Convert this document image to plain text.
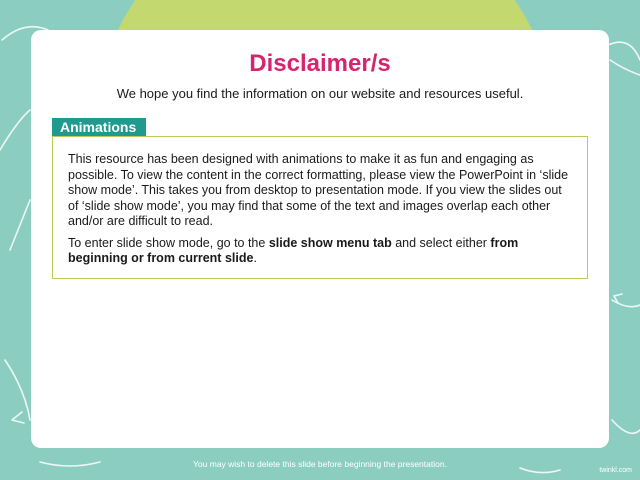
Disclaimer/s
We hope you find the information on our website and resources useful.
Animations

This resource has been designed with animations to make it as fun and engaging as possible. To view the content in the correct formatting, please view the PowerPoint in ‘slide show mode’. This takes you from desktop to presentation mode. If you view the slides out of ‘slide show mode’, you may find that some of the text and images overlap each other and/or are difficult to read.

To enter slide show mode, go to the slide show menu tab and select either from beginning or from current slide.

You may wish to delete this slide before beginning the presentation.
twinkl.com
